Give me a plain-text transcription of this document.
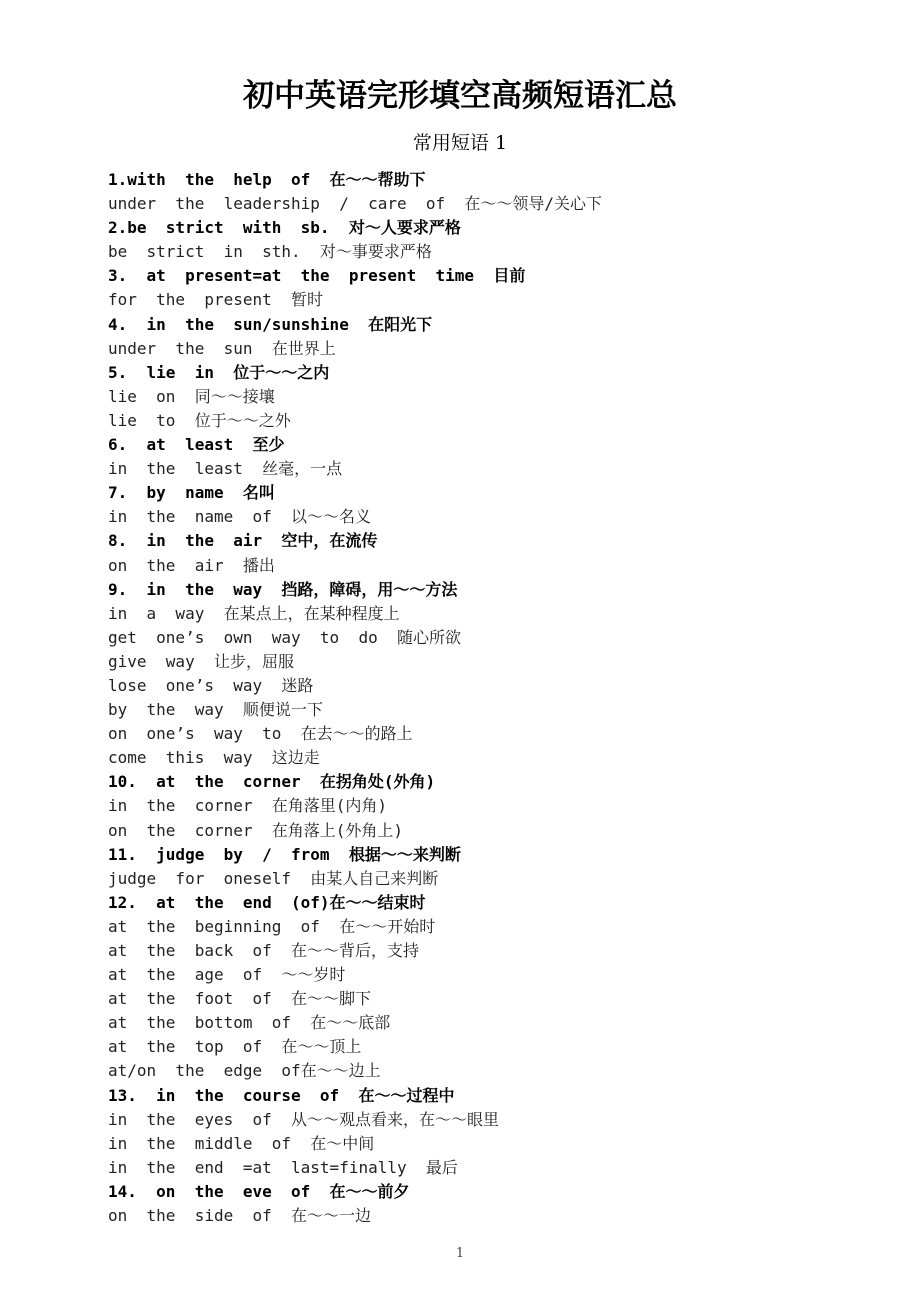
初中英语完形填空高频短语汇总
常用短语 1
1.with  the  help  of  在～～帮助下
under  the  leadership  /  care  of  在～～领导/关心下
2.be  strict  with  sb.  对～人要求严格
be  strict  in  sth.  对～事要求严格
3.  at  present=at  the  present  time  目前
for  the  present  暂时
4.  in  the  sun/sunshine  在阳光下
under  the  sun  在世界上
5.  lie  in  位于～～之内
lie  on  同～～接壤
lie  to  位于～～之外
6.  at  least  至少
in  the  least  丝毫，一点
7.  by  name  名叫
in  the  name  of  以～～名义
8.  in  the  air  空中，在流传
on  the  air  播出
9.  in  the  way  挡路，障碍，用～～方法
in  a  way  在某点上，在某种程度上
get  one’s  own  way  to  do  随心所欲
give  way  让步，屈服
lose  one’s  way  迷路
by  the  way  顺便说一下
on  one’s  way  to  在去～～的路上
come  this  way  这边走
10.  at  the  corner  在拐角处(外角)
in  the  corner  在角落里(内角)
on  the  corner  在角落上(外角上)
11.  judge  by  /  from  根据～～来判断
judge  for  oneself  由某人自己来判断
12.  at  the  end  (of)在～～结束时
at  the  beginning  of  在～～开始时
at  the  back  of  在～～背后，支持
at  the  age  of  ～～岁时
at  the  foot  of  在～～脚下
at  the  bottom  of  在～～底部
at  the  top  of  在～～顶上
at/on  the  edge  of在～～边上
13.  in  the  course  of  在～～过程中
in  the  eyes  of  从～～观点看来，在～～眼里
in  the  middle  of  在～中间
in  the  end  =at  last=finally  最后
14.  on  the  eve  of  在～～前夕
on  the  side  of  在～～一边
1
